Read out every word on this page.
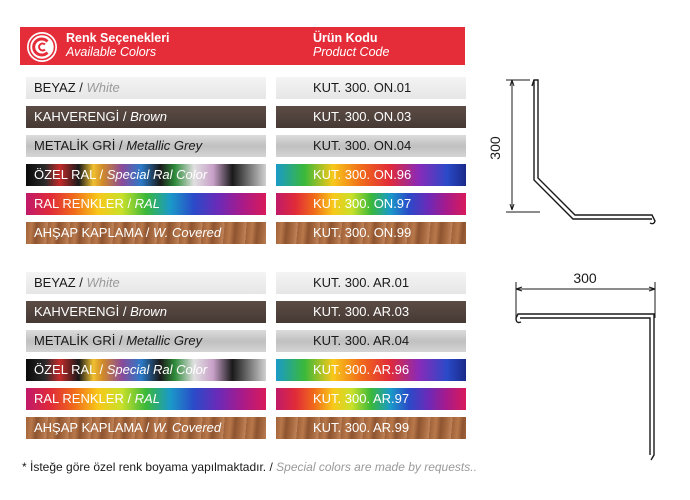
Renk Seçenekleri
Available Colors
Ürün Kodu
Product Code
BEYAZ / White	KUT. 300. ON.01
KAHVERENGİ / Brown	KUT. 300. ON.03
METALİK GRİ / Metallic Grey	KUT. 300. ON.04
ÖZEL RAL / Special Ral Color	KUT. 300. ON.96
RAL RENKLER / RAL	KUT. 300. ON.97
AHŞAP KAPLAMA / W. Covered	KUT. 300. ON.99
BEYAZ / White	KUT. 300. AR.01
KAHVERENGİ / Brown	KUT. 300. AR.03
METALİK GRİ / Metallic Grey	KUT. 300. AR.04
ÖZEL RAL / Special Ral Color	KUT. 300. AR.96
RAL RENKLER / RAL	KUT. 300. AR.97
AHŞAP KAPLAMA / W. Covered	KUT. 300. AR.99
* İsteğe göre özel renk boyama yapılmaktadır. / Special colors are made by requests..
300
300
